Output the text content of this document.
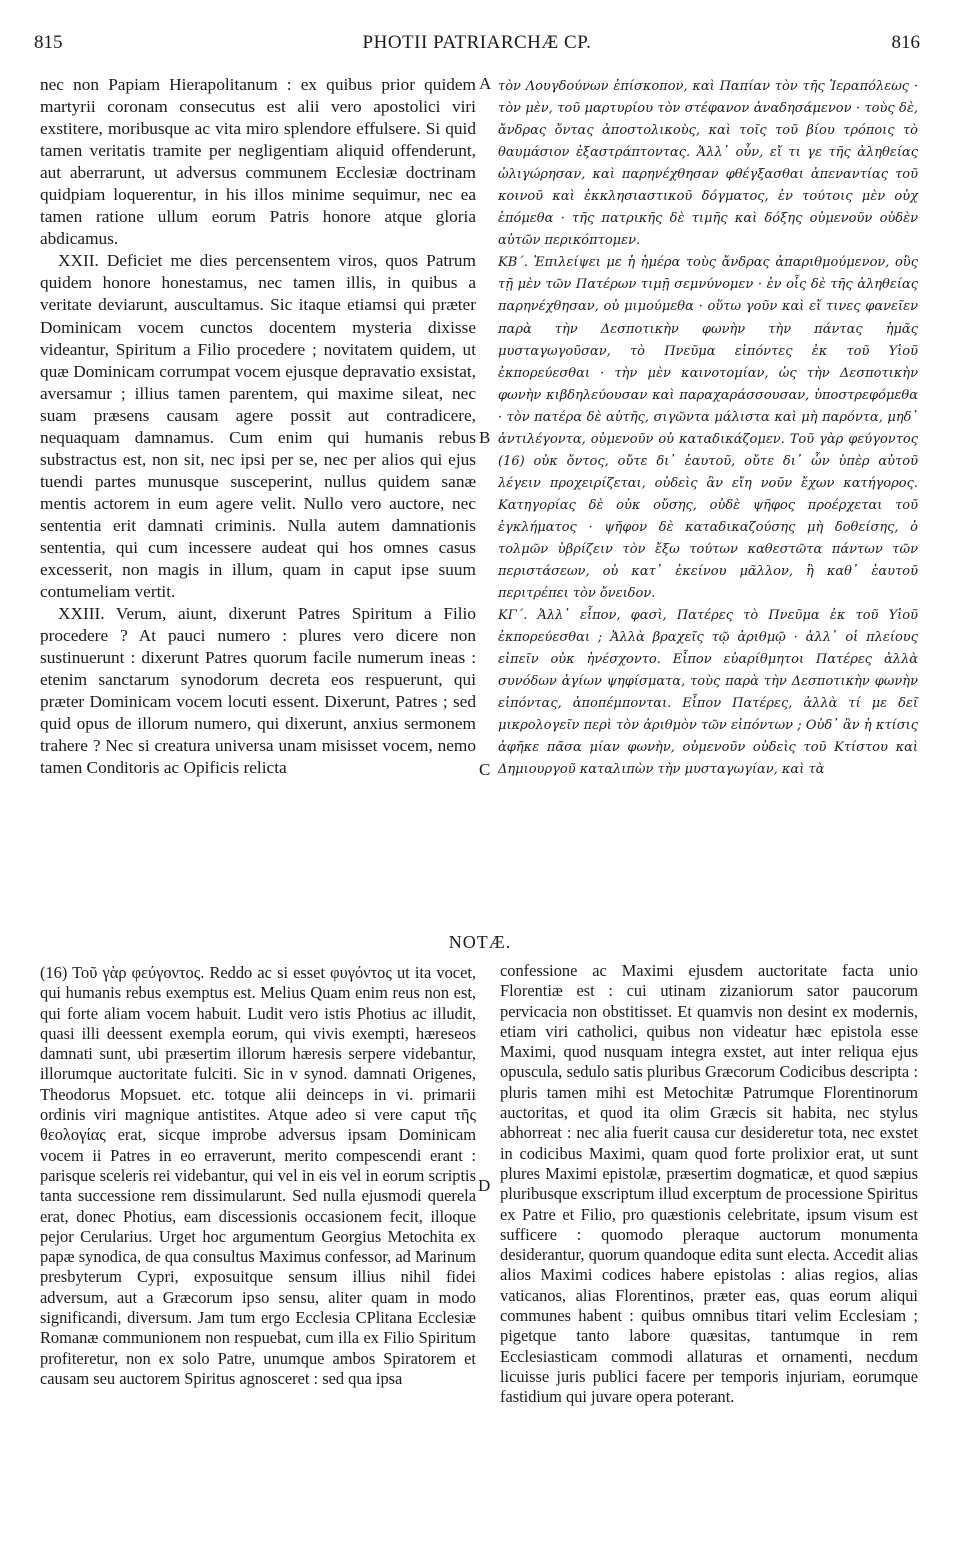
815	PHOTII PATRIARCHÆ CP.	816

nec non Papiam Hierapolitanum : ex quibus prior quidem martyrii coronam consecutus est alii vero apostolici viri exstitere, moribusque ac vita miro splendore effulsere. Si quid tamen veritatis tramite per negligentiam aliquid offenderunt, aut aberrarunt, ut adversus communem Ecclesiæ doctrinam quidpiam loquerentur, in his illos minime sequimur, nec ea tamen ratione ullum eorum Patris honore atque gloria abdicamus.

XXII. Deficiet me dies percensentem viros, quos Patrum quidem honore honestamus, nec tamen illis, in quibus a veritate deviarunt, auscultamus. Sic itaque etiamsi qui præter Dominicam vocem cunctos docentem mysteria dixisse videantur, Spiritum a Filio procedere ; novitatem quidem, ut quæ Dominicam corrumpat vocem ejusque depravatio exsistat, aversamur ; illius tamen parentem, qui maxime sileat, nec suam præsens causam agere possit aut contradicere, nequaquam damnamus. Cum enim qui humanis rebus substractus est, non sit, nec ipsi per se, nec per alios qui ejus tuendi partes munusque susceperint, nullus quidem sanæ mentis actorem in eum agere velit. Nullo vero auctore, nec sententia erit damnati criminis. Nulla autem damnationis sententia, qui cum incessere audeat qui hos omnes casus excesserit, non magis in illum, quam in caput ipse suum contumeliam vertit.

XXIII. Verum, aiunt, dixerunt Patres Spiritum a Filio procedere ? At pauci numero : plures vero dicere non sustinuerunt : dixerunt Patres quorum facile numerum ineas : etenim sanctarum synodorum decreta eos respuerunt, qui præter Dominicam vocem locuti essent. Dixerunt, Patres ; sed quid opus de illorum numero, qui dixerunt, anxius sermonem trahere ? Nec si creatura universa unam misisset vocem, nemo tamen Conditoris ac Opificis relicta

A
B
C
D

τὸν Λουγδούνων ἐπίσκοπον, καὶ Παπίαν τὸν τῆς Ἱεραπόλεως · τὸν μὲν, τοῦ μαρτυρίου τὸν στέφανον ἀναδησάμενον · τοὺς δὲ, ἄνδρας ὄντας ἀποστολικοὺς, καὶ τοῖς τοῦ βίου τρόποις τὸ θαυμάσιον ἐξαστράπτοντας. Ἀλλ᾽ οὖν, εἴ τι γε τῆς ἀληθείας ὠλιγώρησαν, καὶ παρηνέχθησαν φθέγξασθαι ἀπεναντίας τοῦ κοινοῦ καὶ ἐκκλησιαστικοῦ δόγματος, ἐν τούτοις μὲν οὐχ ἑπόμεθα · τῆς πατρικῆς δὲ τιμῆς καὶ δόξης οὐμενοῦν οὐδὲν αὐτῶν περικόπτομεν.

ΚΒ΄. Ἐπιλείψει με ἡ ἡμέρα τοὺς ἄνδρας ἀπαριθμούμενον, οὓς τῇ μὲν τῶν Πατέρων τιμῇ σεμνύνομεν · ἐν οἷς δὲ τῆς ἀληθείας παρηνέχθησαν, οὐ μιμούμεθα · οὕτω γοῦν καὶ εἴ τινες φανεῖεν παρὰ τὴν Δεσποτικὴν φωνὴν τὴν πάντας ἡμᾶς μυσταγωγοῦσαν, τὸ Πνεῦμα εἰπόντες ἐκ τοῦ Υἱοῦ ἐκπορεύεσθαι · τὴν μὲν καινοτομίαν, ὡς τὴν Δεσποτικὴν φωνὴν κιβδηλεύουσαν καὶ παραχαράσσουσαν, ὑποστρεφόμεθα · τὸν πατέρα δὲ αὐτῆς, σιγῶντα μάλιστα καὶ μὴ παρόντα, μηδ᾽ ἀντιλέγοντα, οὐμενοῦν οὐ καταδικάζομεν. Τοῦ γὰρ φεύγοντος (16) οὐκ ὄντος, οὔτε δι᾽ ἑαυτοῦ, οὔτε δι᾽ ὧν ὑπὲρ αὐτοῦ λέγειν προχειρίζεται, οὐδεὶς ἂν εἴη νοῦν ἔχων κατήγορος. Κατηγορίας δὲ οὐκ οὔσης, οὐδὲ ψῆφος προέρχεται τοῦ ἐγκλήματος · ψῆφον δὲ καταδικαζούσης μὴ δοθείσης, ὁ τολμῶν ὑβρίζειν τὸν ἔξω τούτων καθεστῶτα πάντων τῶν περιστάσεων, οὐ κατ᾽ ἐκείνου μᾶλλον, ἢ καθ᾽ ἑαυτοῦ περιτρέπει τὸν ὄνειδον.

ΚΓ΄. Ἀλλ᾽ εἶπον, φασὶ, Πατέρες τὸ Πνεῦμα ἐκ τοῦ Υἱοῦ ἐκπορεύεσθαι ; Ἀλλὰ βραχεῖς τῷ ἀριθμῷ · ἀλλ᾽ οἱ πλείους εἰπεῖν οὐκ ἠνέσχοντο. Εἶπον εὐαρίθμητοι Πατέρες ἀλλὰ συνόδων ἁγίων ψηφίσματα, τοὺς παρὰ τὴν Δεσποτικὴν φωνὴν εἰπόντας, ἀποπέμπονται. Εἶπον Πατέρες, ἀλλὰ τί με δεῖ μικρολογεῖν περὶ τὸν ἀριθμὸν τῶν εἰπόντων ; Οὐδ᾽ ἂν ἡ κτίσις ἀφῆκε πᾶσα μίαν φωνὴν, οὐμενοῦν οὐδεὶς τοῦ Κτίστου καὶ Δημιουργοῦ καταλιπὼν τὴν μυσταγωγίαν, καὶ τὰ

NOTÆ.

(16) Τοῦ γὰρ φεύγοντος. Reddo ac si esset φυγόντος ut ita vocet, qui humanis rebus exemptus est. Melius Quam enim reus non est, qui forte aliam vocem habuit. Ludit vero istis Photius ac illudit, quasi illi deessent exempla eorum, qui vivis exempti, hæreseos damnati sunt, ubi præsertim illorum hæresis serpere videbantur, illorumque auctoritate fulciti. Sic in v synod. damnati Origenes, Theodorus Mopsuet. etc. totque alii deinceps in vi. primarii ordinis viri magnique antistites. Atque adeo si vere caput τῆς θεολογίας erat, sicque improbe adversus ipsam Dominicam vocem ii Patres in eo erraverunt, merito compescendi erant : parisque sceleris rei videbantur, qui vel in eis vel in eorum scriptis tanta successione rem dissimularunt. Sed nulla ejusmodi querela erat, donec Photius, eam discessionis occasionem fecit, illoque pejor Cerularius. Urget hoc argumentum Georgius Metochita ex papæ synodica, de qua consultus Maximus confessor, ad Marinum presbyterum Cypri, exposuitque sensum illius nihil fidei adversum, aut a Græcorum ipso sensu, aliter quam in modo significandi, diversum. Jam tum ergo Ecclesia CPlitana Ecclesiæ Romanæ communionem non respuebat, cum illa ex Filio Spiritum profiteretur, non ex solo Patre, unumque ambos Spiratorem et causam seu auctorem Spiritus agnosceret : sed qua ipsa

confessione ac Maximi ejusdem auctoritate facta unio Florentiæ est : cui utinam zizaniorum sator paucorum pervicacia non obstitisset. Et quamvis non desint ex modernis, etiam viri catholici, quibus non videatur hæc epistola esse Maximi, quod nusquam integra exstet, aut inter reliqua ejus opuscula, sedulo satis pluribus Græcorum Codicibus descripta : pluris tamen mihi est Metochitæ Patrumque Florentinorum auctoritas, et quod ita olim Græcis sit habita, nec stylus abhorreat : nec alia fuerit causa cur desideretur tota, nec exstet in codicibus Maximi, quam quod forte prolixior erat, ut sunt plures Maximi epistolæ, præsertim dogmaticæ, et quod sæpius pluribusque exscriptum illud excerptum de processione Spiritus ex Patre et Filio, pro quæstionis celebritate, ipsum visum est sufficere : quomodo pleraque auctorum monumenta desiderantur, quorum quandoque edita sunt electa. Accedit alias alios Maximi codices habere epistolas : alias regios, alias vaticanos, alias Florentinos, præter eas, quas eorum aliqui communes habent : quibus omnibus titari velim Ecclesiam ; pigetque tanto labore quæsitas, tantumque in rem Ecclesiasticam commodi allaturas et ornamenti, necdum licuisse juris publici facere per temporis injuriam, eorumque fastidium qui juvare opera poterant.
